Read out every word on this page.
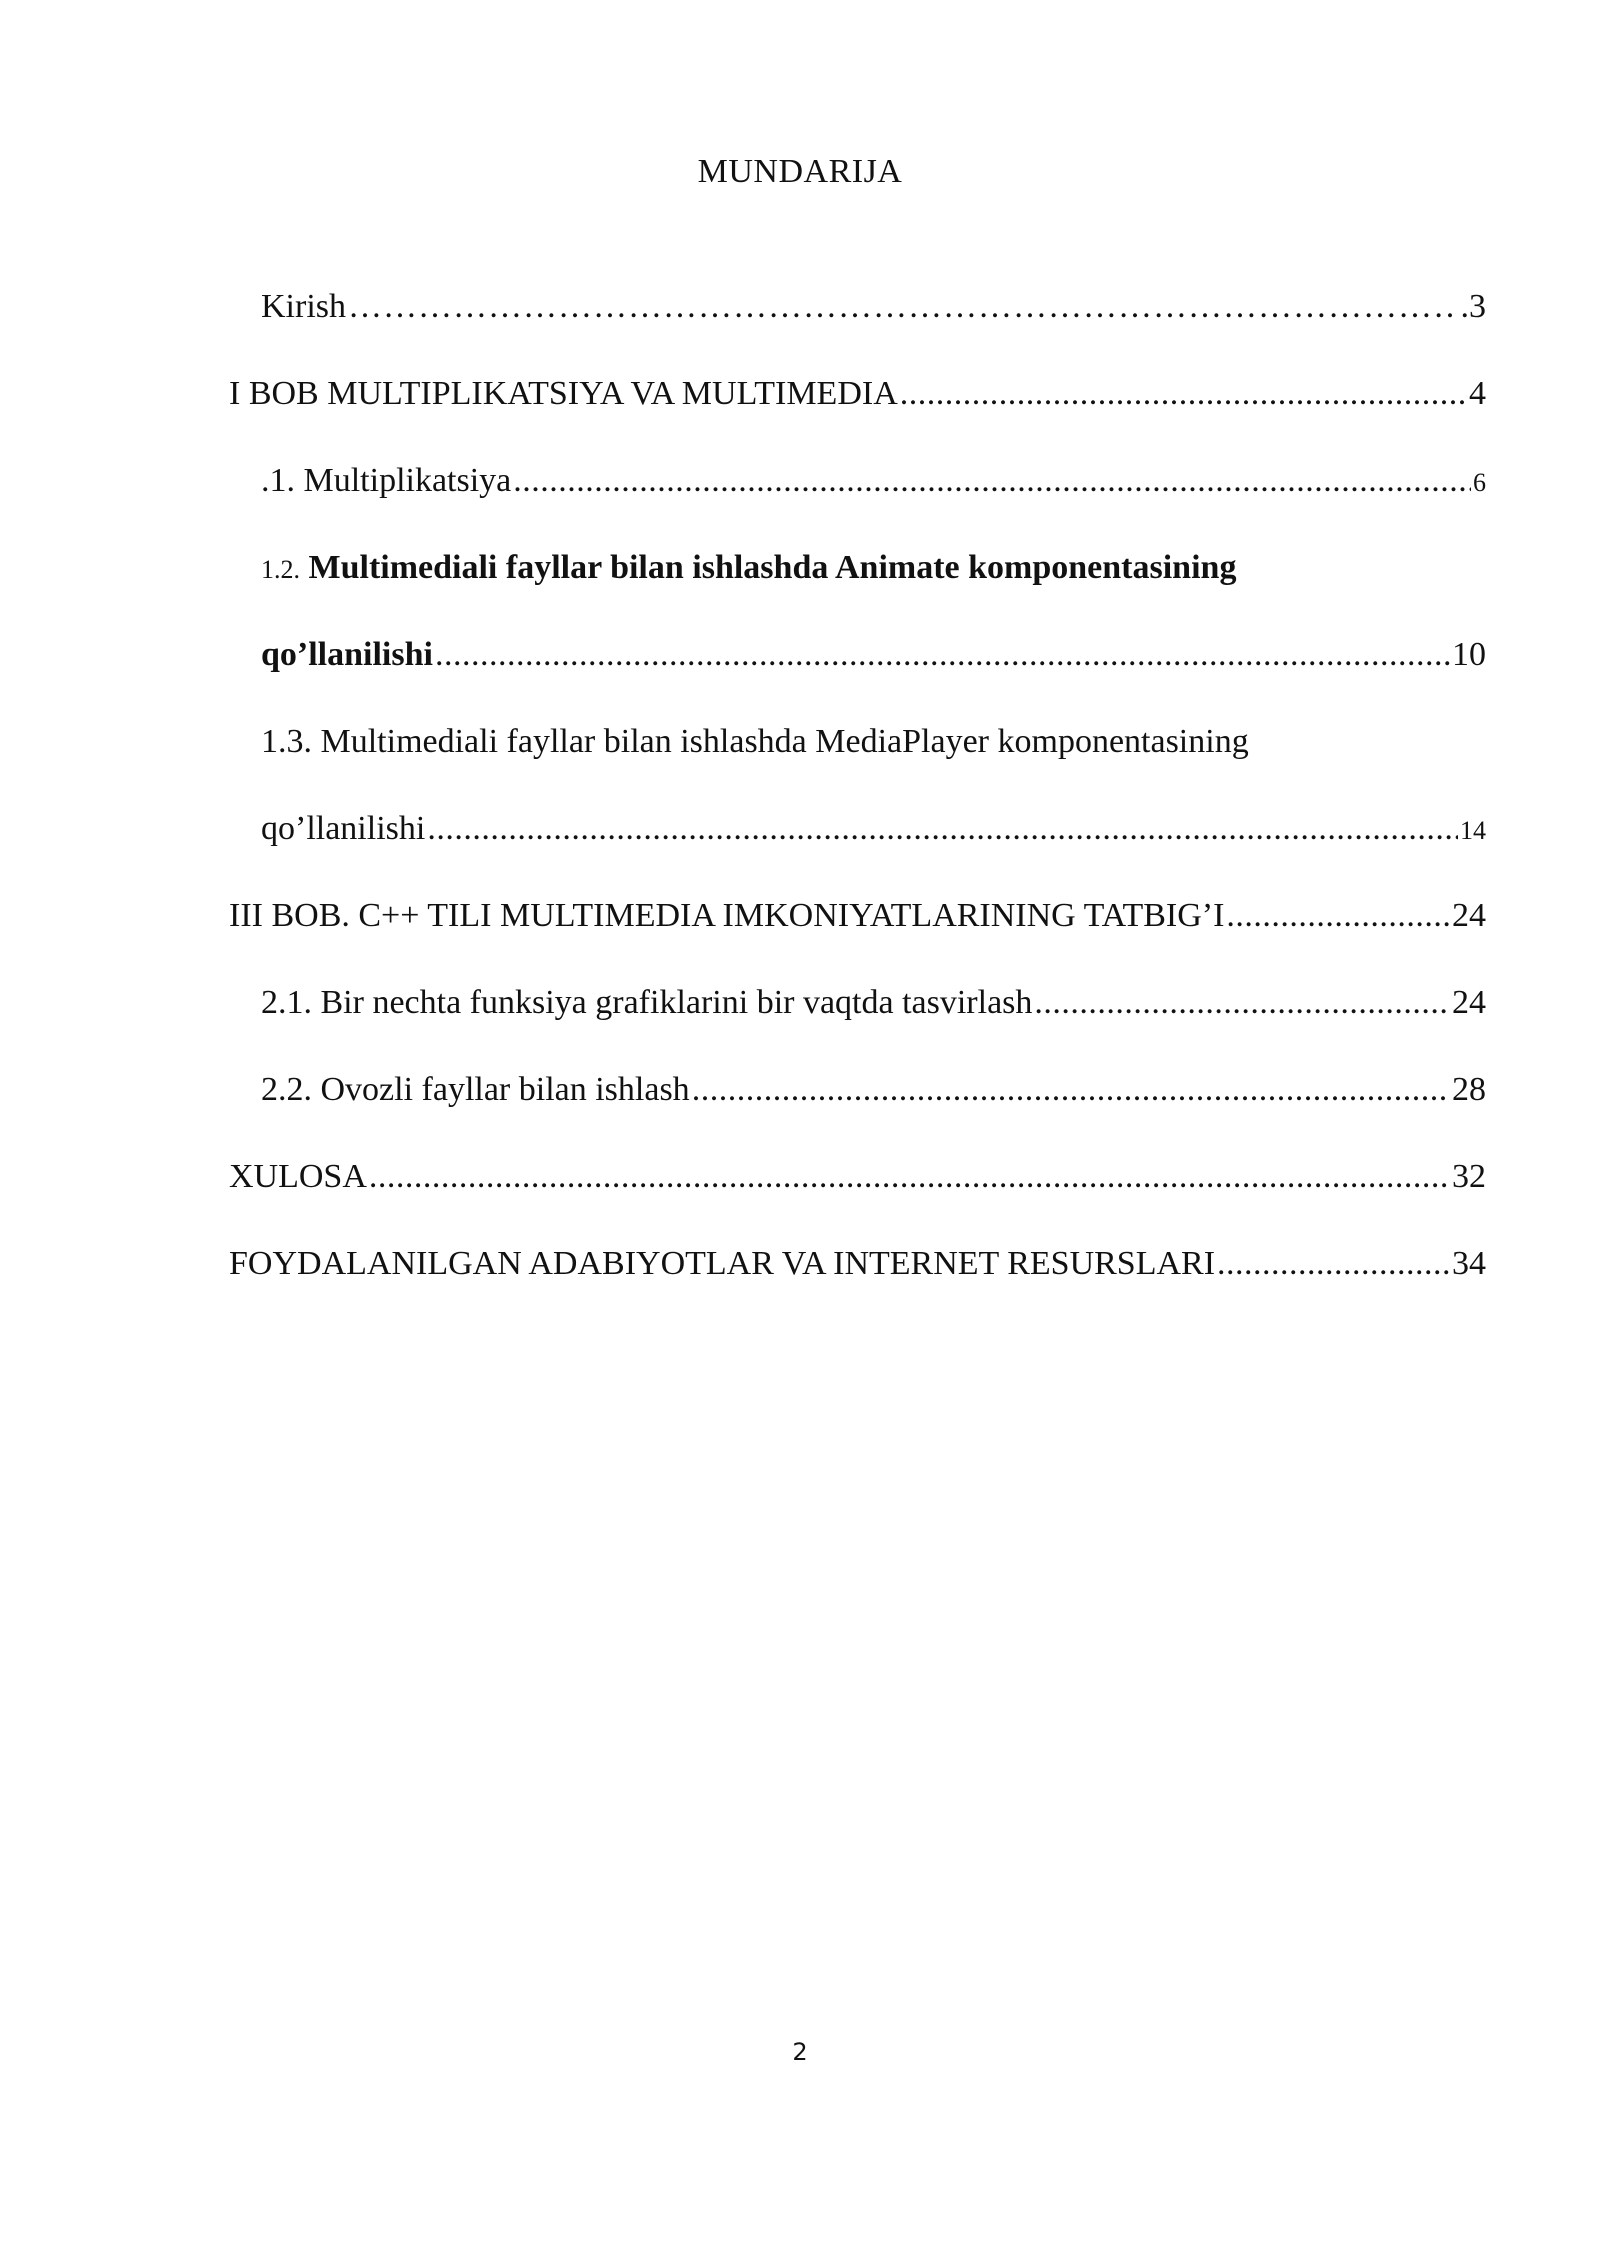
MUNDARIJA
Kirish ………………………………………………………………………………………………………………………………………………………………………………………………	.3
I BOB MULTIPLIKATSIYA VA MULTIMEDIA .....	4
.1. Multiplikatsiya .....	6
1.2. Multimediali fayllar bilan ishlashda Animate komponentasining
qo’llanilishi .....	10
1.3. Multimediali fayllar bilan ishlashda MediaPlayer komponentasining
qo’llanilishi .....	14
III BOB. C++ TILI MULTIMEDIA IMKONIYATLARINING TATBIG’I .....	24
2.1. Bir nechta funksiya grafiklarini bir vaqtda tasvirlash .....	24
2.2. Ovozli fayllar bilan ishlash .....	28
XULOSA .....	32
FOYDALANILGAN ADABIYOTLAR VA INTERNET RESURSLARI .....	34
2
